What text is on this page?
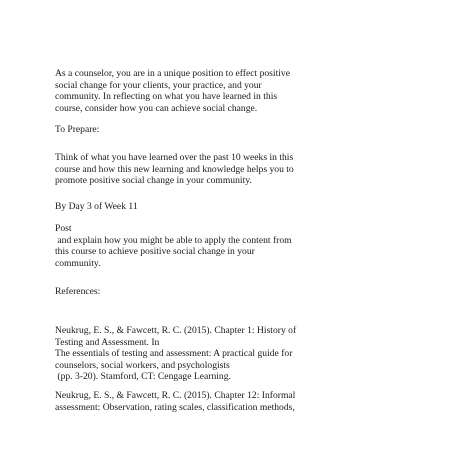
As a counselor, you are in a unique position to effect positive
social change for your clients, your practice, and your
community. In reflecting on what you have learned in this
course, consider how you can achieve social change.

To Prepare:

Think of what you have learned over the past 10 weeks in this
course and how this new learning and knowledge helps you to
promote positive social change in your community.

By Day 3 of Week 11

Post
and explain how you might be able to apply the content from
this course to achieve positive social change in your
community.

References:

Neukrug, E. S., & Fawcett, R. C. (2015). Chapter 1: History of
Testing and Assessment. In
The essentials of testing and assessment: A practical guide for
counselors, social workers, and psychologists
(pp. 3-20). Stamford, CT: Cengage Learning.

Neukrug, E. S., & Fawcett, R. C. (2015). Chapter 12: Informal
assessment: Observation, rating scales, classification methods,
